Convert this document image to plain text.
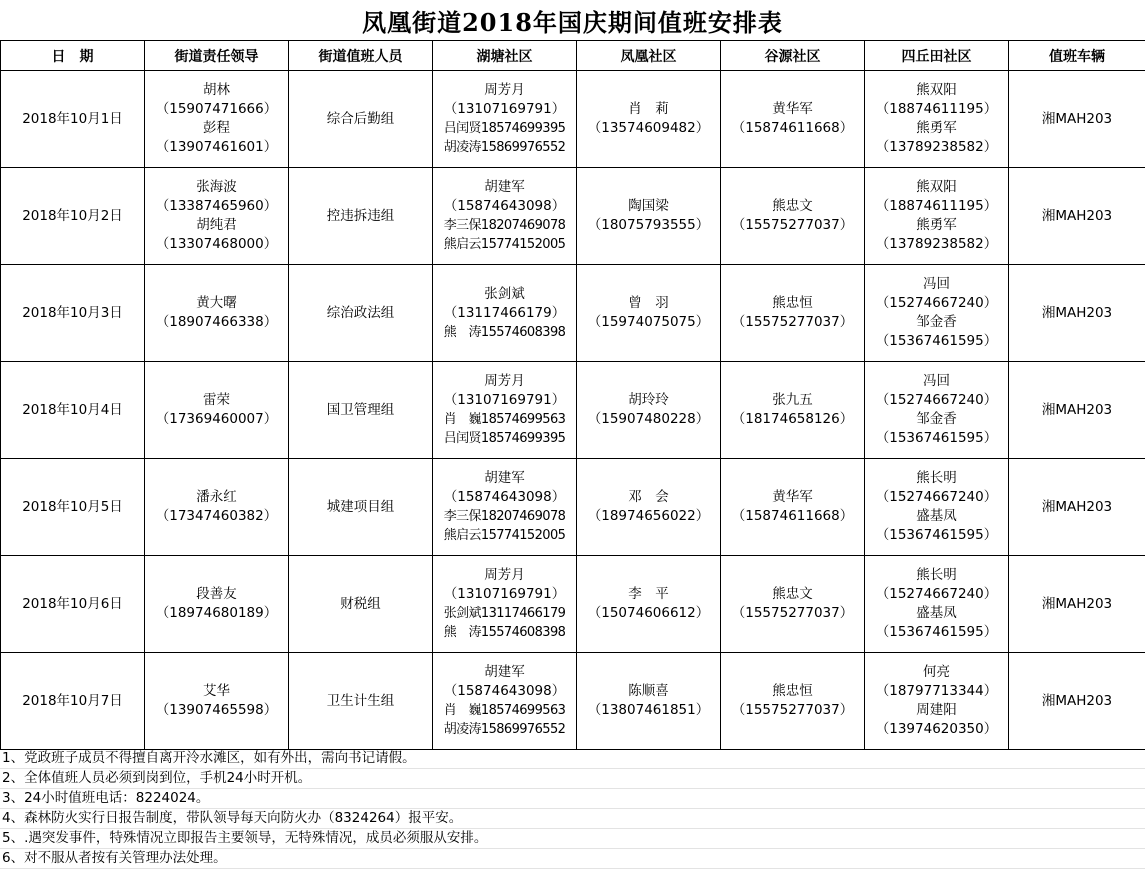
凤凰街道2018年国庆期间值班安排表
日　期	街道责任领导	街道值班人员	湖塘社区	凤凰社区	谷源社区	四丘田社区	值班车辆
2018年10月1日	胡林
（15907471666）
彭程
（13907461601）	综合后勤组	周芳月
（13107169791）
吕闰贤18574699395
胡凌涛15869976552	肖　莉
（13574609482）	黄华军
（15874611668）	熊双阳
（18874611195）
熊勇军
（13789238582）	湘MAH203
2018年10月2日	张海波
（13387465960）
胡纯君
（13307468000）	控违拆违组	胡建军
（15874643098）
李三保18207469078
熊启云15774152005	陶国梁
（18075793555）	熊忠文
（15575277037）	熊双阳
（18874611195）
熊勇军
（13789238582）	湘MAH203
2018年10月3日	黄大曙
（18907466338）	综治政法组	张剑斌
（13117466179）
熊　涛15574608398	曾　羽
（15974075075）	熊忠恒
（15575277037）	冯回
（15274667240）
邹金香
（15367461595）	湘MAH203
2018年10月4日	雷荣
（17369460007）	国卫管理组	周芳月
（13107169791）
肖　巍18574699563
吕闰贤18574699395	胡玲玲
（15907480228）	张九五
（18174658126）	冯回
（15274667240）
邹金香
（15367461595）	湘MAH203
2018年10月5日	潘永红
（17347460382）	城建项目组	胡建军
（15874643098）
李三保18207469078
熊启云15774152005	邓　会
（18974656022）	黄华军
（15874611668）	熊长明
（15274667240）
盛基凤
（15367461595）	湘MAH203
2018年10月6日	段善友
（18974680189）	财税组	周芳月
（13107169791）
张剑斌13117466179
熊　涛15574608398	李　平
（15074606612）	熊忠文
（15575277037）	熊长明
（15274667240）
盛基凤
（15367461595）	湘MAH203
2018年10月7日	艾华
（13907465598）	卫生计生组	胡建军
（15874643098）
肖　巍18574699563
胡凌涛15869976552	陈顺喜
（13807461851）	熊忠恒
（15575277037）	何亮
（18797713344）
周建阳
（13974620350）	湘MAH203
1、党政班子成员不得擅自离开泠水滩区，如有外出，需向书记请假。
2、全体值班人员必须到岗到位，手机24小时开机。
3、24小时值班电话：8224024。
4、森林防火实行日报告制度，带队领导每天向防火办（8324264）报平安。
5、.遇突发事件，特殊情况立即报告主要领导，无特殊情况，成员必须服从安排。
6、对不服从者按有关管理办法处理。
